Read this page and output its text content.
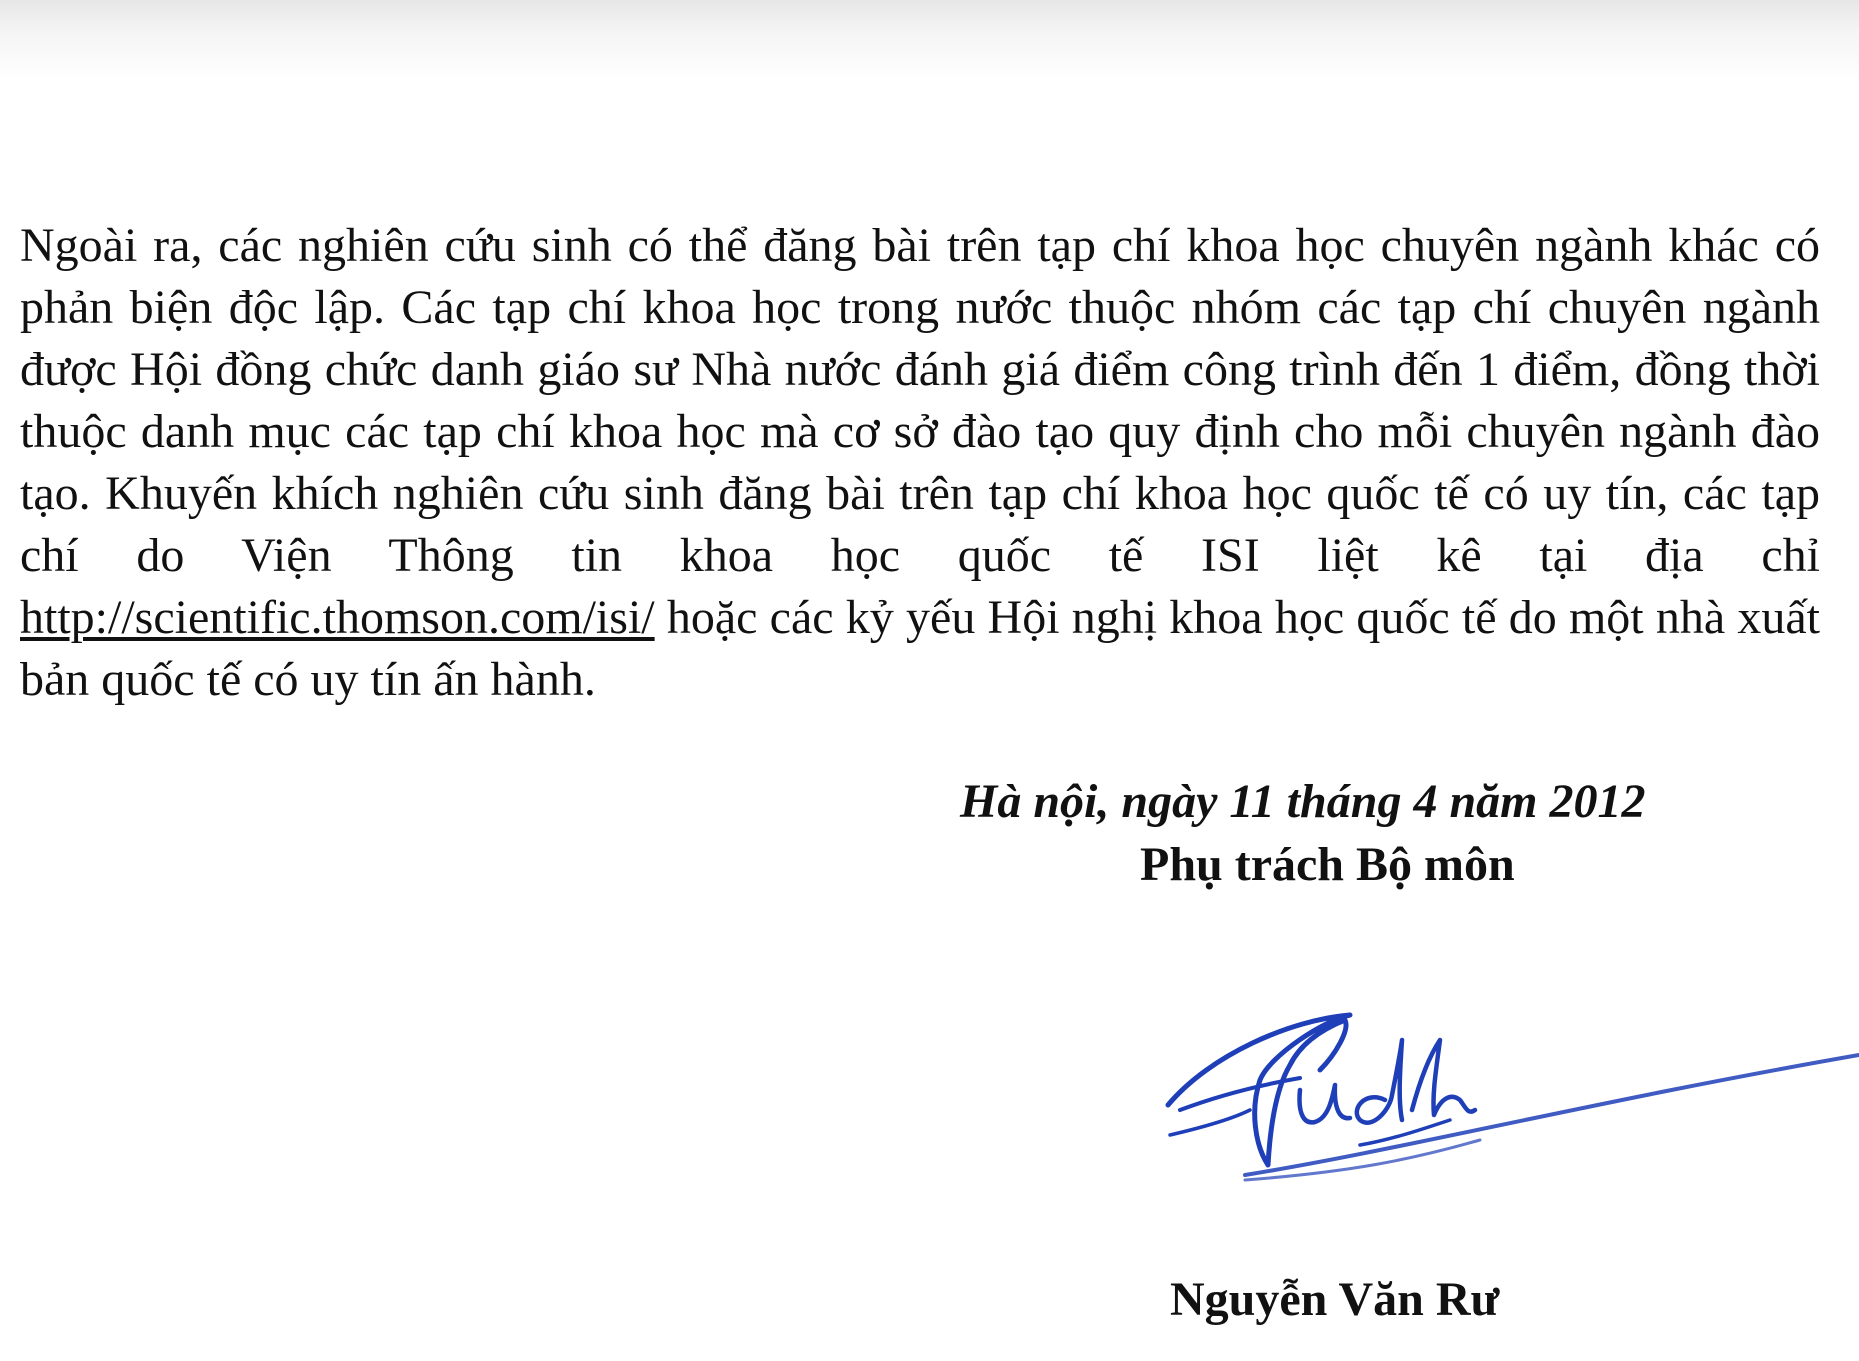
Ngoài ra, các nghiên cứu sinh có thể đăng bài trên tạp chí khoa học chuyên ngành khác có phản biện độc lập. Các tạp chí khoa học trong nước thuộc nhóm các tạp chí chuyên ngành được Hội đồng chức danh giáo sư Nhà nước đánh giá điểm công trình đến 1 điểm, đồng thời thuộc danh mục các tạp chí khoa học mà cơ sở đào tạo quy định cho mỗi chuyên ngành đào tạo. Khuyến khích nghiên cứu sinh đăng bài trên tạp chí khoa học quốc tế có uy tín, các tạp chí do Viện Thông tin khoa học quốc tế ISI liệt kê tại địa chỉ http://scientific.thomson.com/isi/ hoặc các kỷ yếu Hội nghị khoa học quốc tế do một nhà xuất bản quốc tế có uy tín ấn hành.

Hà nội, ngày 11 tháng 4 năm 2012

Phụ trách Bộ môn

Nguyễn Văn Rư
